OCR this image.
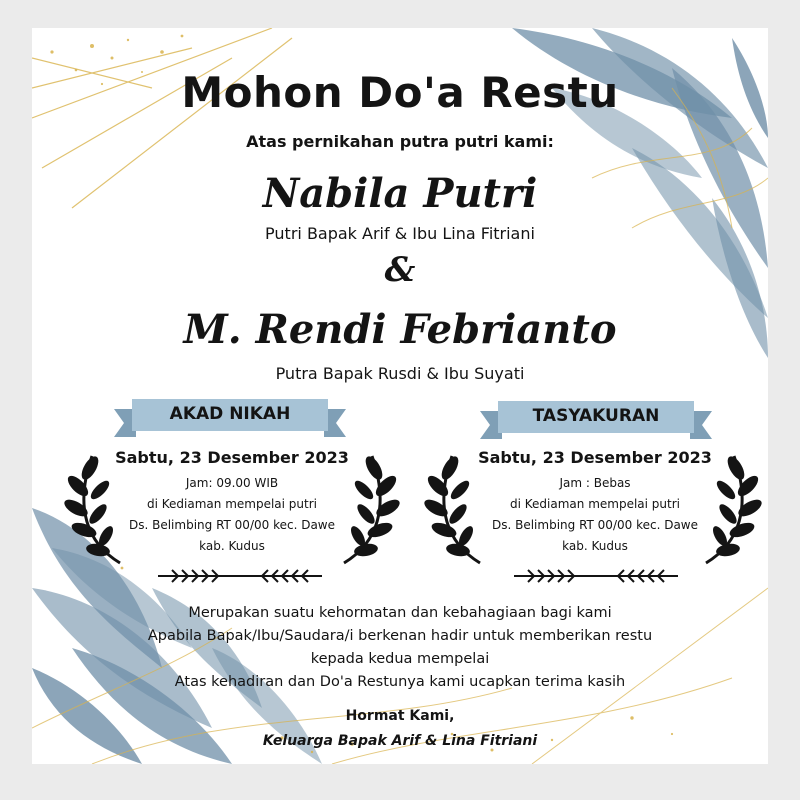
Mohon Do'a Restu
Atas pernikahan putra putri kami:
Nabila Putri
Putri Bapak Arif & Ibu Lina Fitriani
&
M. Rendi Febrianto
Putra Bapak Rusdi & Ibu Suyati
AKAD NIKAH
Sabtu, 23 Desember 2023
Jam: 09.00 WIB
di Kediaman mempelai putri
Ds. Belimbing RT 00/00 kec. Dawe
kab. Kudus
TASYAKURAN
Sabtu, 23 Desember 2023
Jam : Bebas
di Kediaman mempelai putri
Ds. Belimbing RT 00/00 kec. Dawe
kab. Kudus
Merupakan suatu kehormatan dan kebahagiaan bagi kami
Apabila Bapak/Ibu/Saudara/i berkenan hadir untuk memberikan restu
kepada kedua mempelai
Atas kehadiran dan Do'a Restunya kami ucapkan terima kasih
Hormat Kami,
Keluarga Bapak Arif & Lina Fitriani
